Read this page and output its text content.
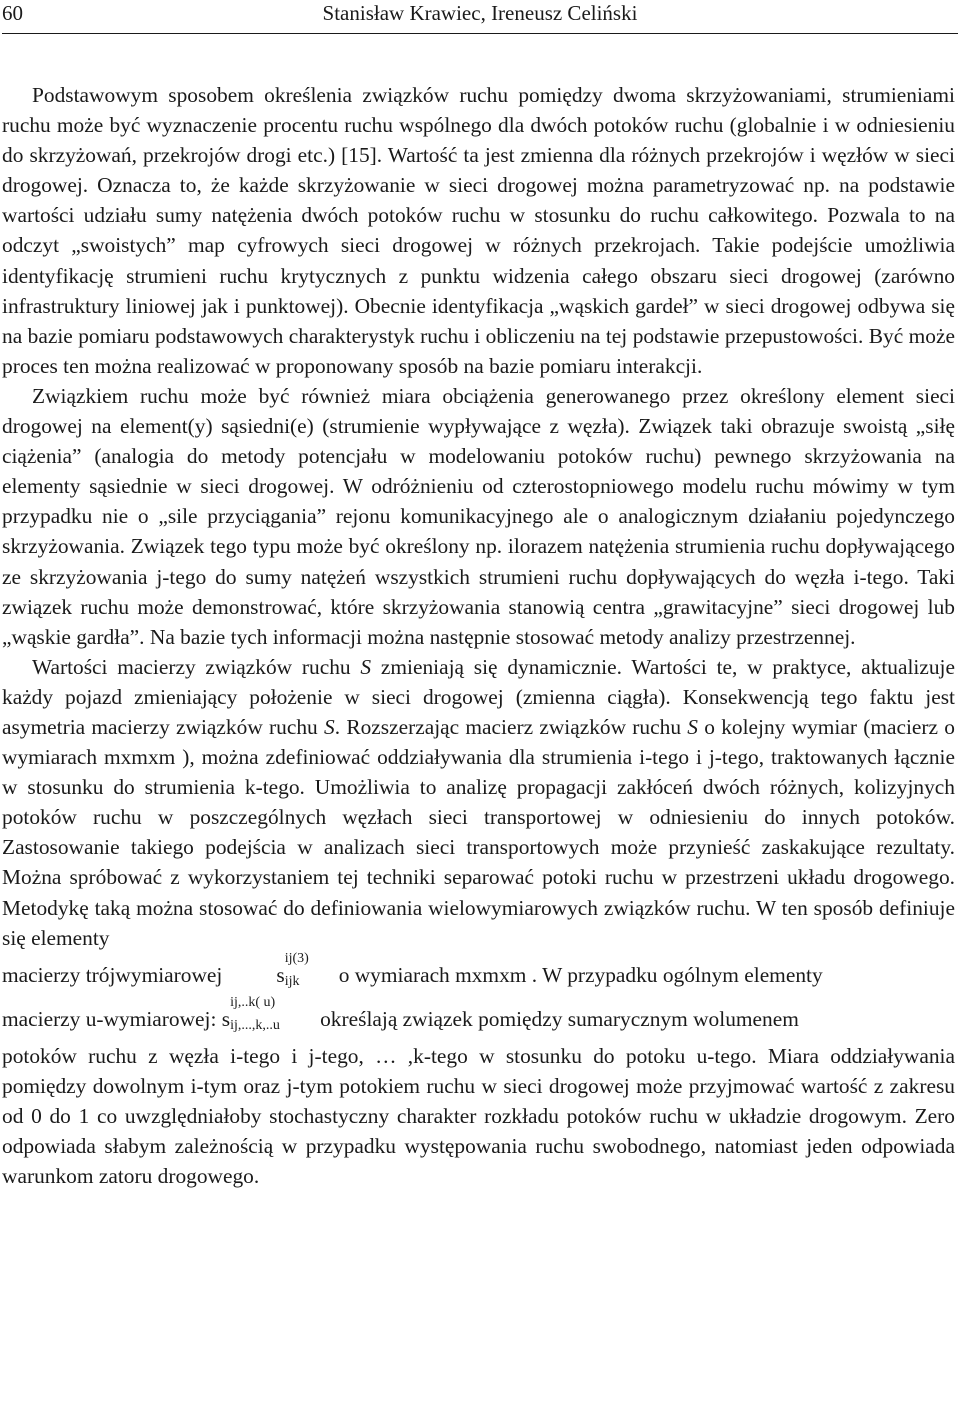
60	Stanisław Krawiec, Ireneusz Celiński

Podstawowym sposobem określenia związków ruchu pomiędzy dwoma skrzyżowaniami, strumieniami ruchu może być wyznaczenie procentu ruchu wspólnego dla dwóch potoków ruchu (globalnie i w odniesieniu do skrzyżowań, przekrojów drogi etc.) [15]. Wartość ta jest zmienna dla różnych przekrojów i węzłów w sieci drogowej. Oznacza to, że każde skrzyżowanie w sieci drogowej można parametryzować np. na podstawie wartości udziału sumy natężenia dwóch potoków ruchu w stosunku do ruchu całkowitego. Pozwala to na odczyt „swoistych” map cyfrowych sieci drogowej w różnych przekrojach. Takie podejście umożliwia identyfikację strumieni ruchu krytycznych z punktu widzenia całego obszaru sieci drogowej (zarówno infrastruktury liniowej jak i punktowej). Obecnie identyfikacja „wąskich gardeł” w sieci drogowej odbywa się na bazie pomiaru podstawowych charakterystyk ruchu i obliczeniu na tej podstawie przepustowości. Być może proces ten można realizować w proponowany sposób na bazie pomiaru interakcji.

Związkiem ruchu może być również miara obciążenia generowanego przez określony element sieci drogowej na element(y) sąsiedni(e) (strumienie wypływające z węzła). Związek taki obrazuje swoistą „siłę ciążenia” (analogia do metody potencjału w modelowaniu potoków ruchu) pewnego skrzyżowania na elementy sąsiednie w sieci drogowej. W odróżnieniu od czterostopniowego modelu ruchu mówimy w tym przypadku nie o „sile przyciągania” rejonu komunikacyjnego ale o analogicznym działaniu pojedynczego skrzyżowania. Związek tego typu może być określony np. ilorazem natężenia strumienia ruchu dopływającego ze skrzyżowania j-tego do sumy natężeń wszystkich strumieni ruchu dopływających do węzła i-tego. Taki związek ruchu może demonstrować, które skrzyżowania stanowią centra „grawitacyjne” sieci drogowej lub „wąskie gardła”. Na bazie tych informacji można następnie stosować metody analizy przestrzennej.

Wartości macierzy związków ruchu S zmieniają się dynamicznie. Wartości te, w praktyce, aktualizuje każdy pojazd zmieniający położenie w sieci drogowej (zmienna ciągła). Konsekwencją tego faktu jest asymetria macierzy związków ruchu S. Rozszerzając macierz związków ruchu S o kolejny wymiar (macierz o wymiarach mxmxm ), można zdefiniować oddziaływania dla strumienia i-tego i j-tego, traktowanych łącznie w stosunku do strumienia k-tego. Umożliwia to analizę propagacji zakłóceń dwóch różnych, kolizyjnych potoków ruchu w poszczególnych węzłach sieci transportowej w odniesieniu do innych potoków. Zastosowanie takiego podejścia w analizach sieci transportowych może przynieść zaskakujące rezultaty. Można spróbować z wykorzystaniem tej techniki separować potoki ruchu w przestrzeni układu drogowego. Metodykę taką można stosować do definiowania wielowymiarowych związków ruchu. W ten sposób definiuje się elementy

macierzy trójwymiarowej	s
ij(3)
ijk o wymiarach mxmxm . W przypadku ogólnym elementy
macierzy u-wymiarowej: s
ij,..k( u)
ij,...,k,..u określają związek pomiędzy sumarycznym wolumenem

potoków ruchu z węzła i-tego i j-tego, … ,k-tego w stosunku do potoku u-tego. Miara oddziaływania pomiędzy dowolnym i-tym oraz j-tym potokiem ruchu w sieci drogowej może przyjmować wartość z zakresu od 0 do 1 co uwzględniałoby stochastyczny charakter rozkładu potoków ruchu w układzie drogowym. Zero odpowiada słabym zależnością w przypadku występowania ruchu swobodnego, natomiast jeden odpowiada warunkom zatoru drogowego.
